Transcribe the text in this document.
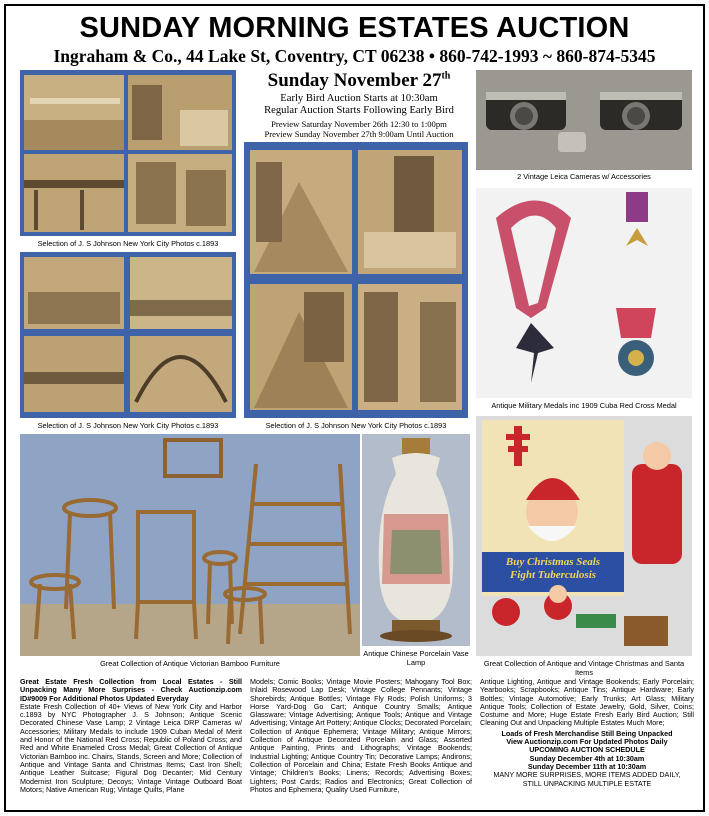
SUNDAY MORNING ESTATES AUCTION
Ingraham & Co., 44 Lake St, Coventry, CT 06238 • 860-742-1993 ~ 860-874-5345
Selection of J. S Johnson New York City Photos c.1893
Selection of J. S Johnson New York City Photos c.1893
Sunday November 27th
Early Bird Auction Starts at 10:30am
Regular Auction Starts Following Early Bird
Preview Saturday November 26th 12:30 to 1:00pm
Preview Sunday November 27th 9:00am Until Auction
Selection of J. S Johnson New York City Photos c.1893
2 Vintage Leica Cameras w/ Accessories
Antique Military Medals inc 1909 Cuba Red Cross Medal
Great Collection of Antique Victorian Bamboo Furniture
Antique Chinese Porcelain Vase Lamp
Buy Christmas Seals
Fight Tuberculosis
Great Collection of Antique and Vintage Christmas and Santa Items
Great Estate Fresh Collection from Local Estates - Still Unpacking Many More Surprises - Check Auctionzip.com ID#9009 For Additional Photos Updated Everyday
Estate Fresh Collection of 40+ Views of New York City and Harbor c.1893 by NYC Photographer J. S Johnson; Antique Scenic Decorated Chinese Vase Lamp; 2 Vintage Leica DRP Cameras w/ Accessories; Military Medals to include 1909 Cuban Medal of Merit and Honor of the National Red Cross; Republic of Poland Cross; and Red and White Enameled Cross Medal; Great Collection of Antique Victorian Bamboo inc. Chairs, Stands, Screen and More; Collection of Antique and Vintage Santa and Christmas Items; Cast Iron Shell; Antique Leather Suitcase; Figural Dog Decanter; Mid Century Modernist Iron Sculpture; Decoys; Vintage Vintage Outboard Boat Motors; Native American Rug; Vintage Quilts, Plane
Models; Comic Books; Vintage Movie Posters; Mahogany Tool Box; Inlaid Rosewood Lap Desk; Vintage College Pennants; Vintage Shorebirds; Antique Bottles; Vintage Fly Rods; Polish Uniforms; 3 Horse Yard-Dog Go Cart; Antique Country Smalls; Antique Glassware; Vintage Advertising; Antique Tools; Antique and Vintage Advertising; Vintage Art Pottery; Antique Clocks; Decorated Porcelain; Collection of Antique Ephemera; Vintage Military; Antique Mirrors; Collection of Antique Decorated Porcelain and Glass; Assorted Antique Painting, Prints and Lithographs; Vintage Bookends; Industrial Lighting; Antique Country Tin; Decorative Lamps; Andirons; Collection of Porcelain and China; Estate Fresh Books Antique and Vintage; Children's Books; Linens; Records; Advertising Boxes; Lighters; Post Cards; Radios and Electronics; Great Collection of Photos and Ephemera; Quality Used Furniture,
Antique Lighting, Antique and Vintage Bookends; Early Porcelain; Yearbooks; Scrapbooks; Antique Tins; Antique Hardware; Early Bottles; Vintage Automotive; Early Trunks; Art Glass; Military Antique Tools; Collection of Estate Jewelry, Gold, Silver, Coins; Costume and More; Huge Estate Fresh Early Bird Auction; Still Cleaning Out and Unpacking Multiple Estates Much More;
Loads of Fresh Merchandise Still Being Unpacked
View Auctionzip.com For Updated Photos Daily
UPCOMING AUCTION SCHEDULE
Sunday December 4th at 10:30am
Sunday December 11th at 10:30am
MANY MORE SURPRISES, MORE ITEMS ADDED DAILY,
STILL UNPACKING MULTIPLE ESTATE
